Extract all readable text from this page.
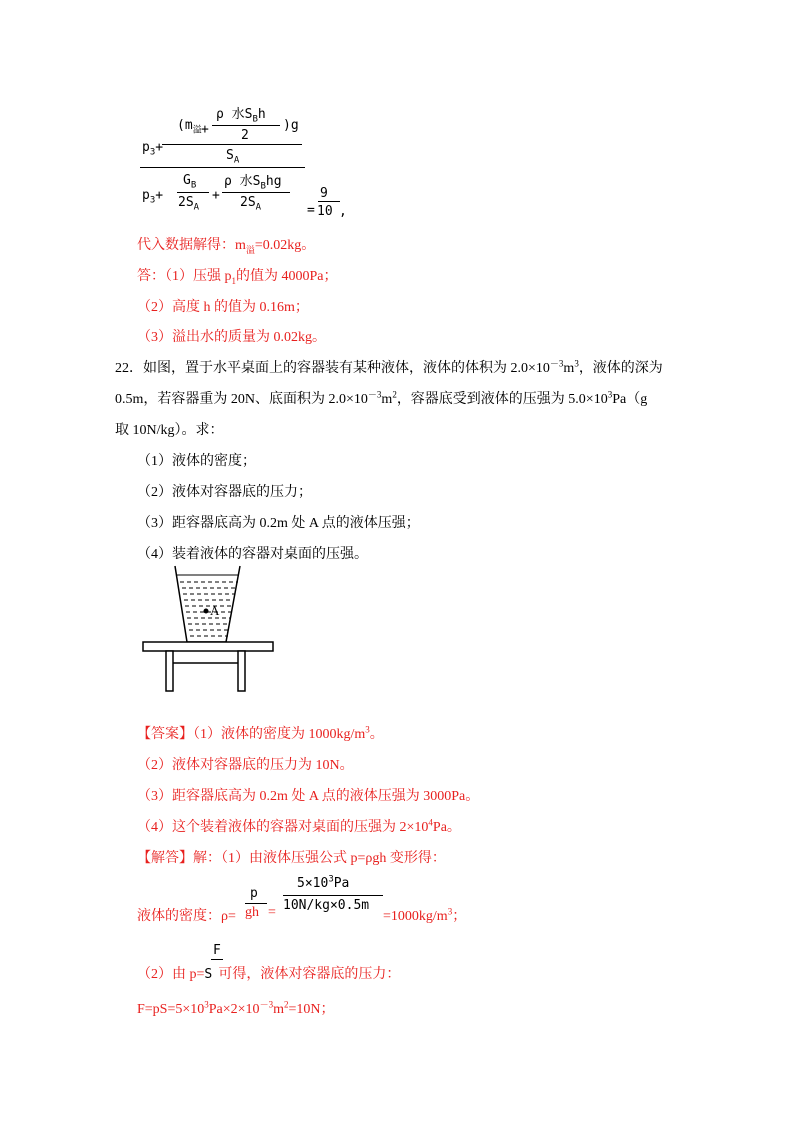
($m_溢$ +
ρ 水$S_Bh$
2
)g
$p_3+$
$S_A$
$p_3+$
$G_B$
$2S_A$
+
ρ 水$S_Bhg$
$2S_A$
9
= 10 ,
代入数据解得：$m_溢=0.02kg$。
答：（1）压强 $p_1$的值为 4000Pa；
（2）高度 h 的值为 0.16m；
（3）溢出水的质量为 0.02kg。
22．如图，置于水平桌面上的容器装有某种液体，液体的体积为 $2.0\times 10^{-3}m^3$，液体的深为
0.5m，若容器重为 20N、底面积为 $2.0\times 10^{-3}m^2$，容器底受到液体的压强为 $5.0\times 10^3Pa(g$
取 10N/kg）。求：
（1）液体的密度；
（2）液体对容器底的压力；
（3）距容器底高为 0.2m 处 A 点的液体压强；
（4）装着液体的容器对桌面的压强。
A
【答案】（1）液体的密度为 $1000kg/m^3$。
（2）液体对容器底的压力为 10N。
（3）距容器底高为 0.2m 处 A 点的液体压强为 3000Pa。
（4）这个装着液体的容器对桌面的压强为 $2\times 10^4Pa$。
【解答】解：（1）由液体压强公式 p=ρgh 变形得：
液体的密度：ρ=
p
gh =
$5\times 10^3Pa$
10N/kg×0.5m
$=1000kg/m^3$；
F
（2）由 p=S 可得，液体对容器底的压力：
$F=pS=5\times 10^3Pa\times 2\times 10^{-3}m^2=10N$；
